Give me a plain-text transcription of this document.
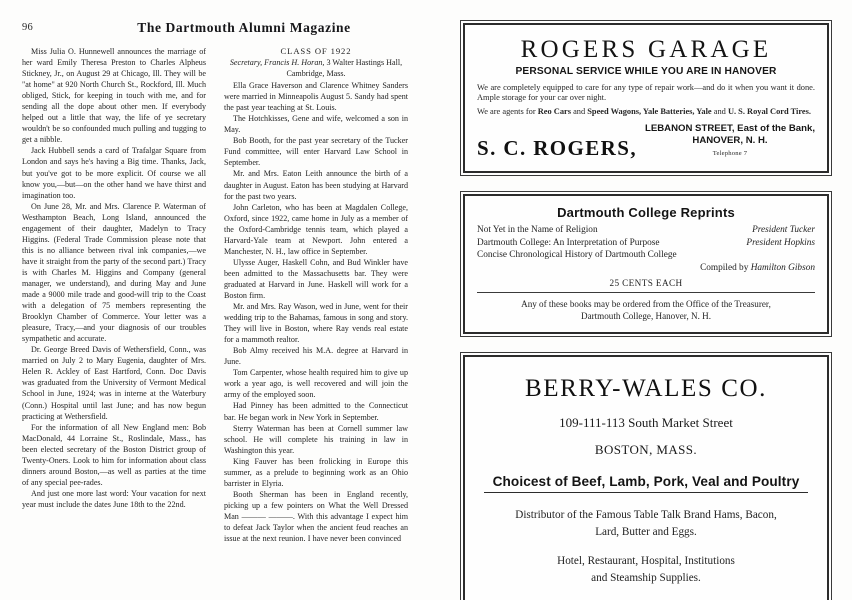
96	The Dartmouth Alumni Magazine

Miss Julia O. Hunnewell announces the marriage of her ward Emily Theresa Preston to Charles Alpheus Stickney, Jr., on August 29 at Chicago, Ill. They will be "at home" at 920 North Church St., Rockford, Ill. Much obliged, Stick, for keeping in touch with me, and for sending all the dope about other men. If everybody helped out a little that way, the life of ye secretary wouldn't be so confounded much pulling and tugging to get a nibble.

Jack Hubbell sends a card of Trafalgar Square from London and says he's having a Big time. Thanks, Jack, but you've got to be more explicit. Of course we all know you,—but—on the other hand we have thirst and imagination too.

On June 28, Mr. and Mrs. Clarence P. Waterman of Westhampton Beach, Long Island, announced the engagement of their daughter, Madelyn to Tracy Higgins. (Federal Trade Commission please note that this is no alliance between rival ink companies,—we have it straight from the party of the second part.) Tracy is with Charles M. Higgins and Company (general manager, we understand), and during May and June made a 9000 mile trade and good-will trip to the Coast with a delegation of 75 members representing the Brooklyn Chamber of Commerce. Your letter was a pleasure, Tracy,—and your diagnosis of our troubles sympathetic and accurate.

Dr. George Breed Davis of Wethersfield, Conn., was married on July 2 to Mary Eugenia, daughter of Mrs. Helen R. Ackley of East Hartford, Conn. Doc Davis was graduated from the University of Vermont Medical School in June, 1924; was in interne at the Waterbury (Conn.) Hospital until last June; and has now begun practicing at Wethersfield.

For the information of all New England men: Bob MacDonald, 44 Lorraine St., Roslindale, Mass., has been elected secretary of the Boston District group of Twenty-Oners. Look to him for information about class dinners around Boston,—as well as parties at the time of any special pee-rades.

And just one more last word: Your vacation for next year must include the dates June 18th to the 22nd.

CLASS OF 1922
Secretary, Francis H. Horan, 3 Walter Hastings Hall, Cambridge, Mass.

Ella Grace Haverson and Clarence Whitney Sanders were married in Minneapolis August 5. Sandy had spent the past year teaching at St. Louis.

The Hotchkisses, Gene and wife, welcomed a son in May.

Bob Booth, for the past year secretary of the Tucker Fund committee, will enter Harvard Law School in September.

Mr. and Mrs. Eaton Leith announce the birth of a daughter in August. Eaton has been studying at Harvard for the past two years.

John Carleton, who has been at Magdalen College, Oxford, since 1922, came home in July as a member of the Oxford-Cambridge tennis team, which played a Harvard-Yale team at Newport. John entered a Manchester, N. H., law office in September.

Ulysse Auger, Haskell Cohn, and Bud Winkler have been admitted to the Massachusetts bar. They were graduated at Harvard in June. Haskell will work for a Boston firm.

Mr. and Mrs. Ray Wason, wed in June, went for their wedding trip to the Bahamas, famous in song and story. They will live in Boston, where Ray vends real estate for a mammoth realtor.

Bob Almy received his M.A. degree at Harvard in June.

Tom Carpenter, whose health required him to give up work a year ago, is well recovered and will join the army of the employed soon.

Had Pinney has been admitted to the Connecticut bar. He began work in New York in September.

Sterry Waterman has been at Cornell summer law school. He will complete his training in law in Washington this year.

King Fauver has been frolicking in Europe this summer, as a prelude to beginning work as an Ohio barrister in Elyria.

Booth Sherman has been in England recently, picking up a few pointers on What the Well Dressed Man ——— ———. With this advantage I expect him to defeat Jack Taylor when the ancient feud reaches an issue at the next reunion. I have never been convinced

ROGERS GARAGE
PERSONAL SERVICE WHILE YOU ARE IN HANOVER
We are completely equipped to care for any type of repair work—and do it when you want it done. Ample storage for your car over night.
We are agents for Reo Cars and Speed Wagons, Yale Batteries, Yale and U. S. Royal Cord Tires.
S. C. ROGERS,
LEBANON STREET, East of the Bank,
HANOVER, N. H.
Telephone 7
Dartmouth College Reprints
Not Yet in the Name of Religion	President Tucker
Dartmouth College: An Interpretation of Purpose	President Hopkins
Concise Chronological History of Dartmouth College
Compiled by Hamilton Gibson
25 CENTS EACH
Any of these books may be ordered from the Office of the Treasurer,
Dartmouth College, Hanover, N. H.
BERRY-WALES CO.
109-111-113 South Market Street
BOSTON, MASS.
Choicest of Beef, Lamb, Pork, Veal and Poultry
Distributor of the Famous Table Talk Brand Hams, Bacon,
Lard, Butter and Eggs.
Hotel, Restaurant, Hospital, Institutions
and Steamship Supplies.
